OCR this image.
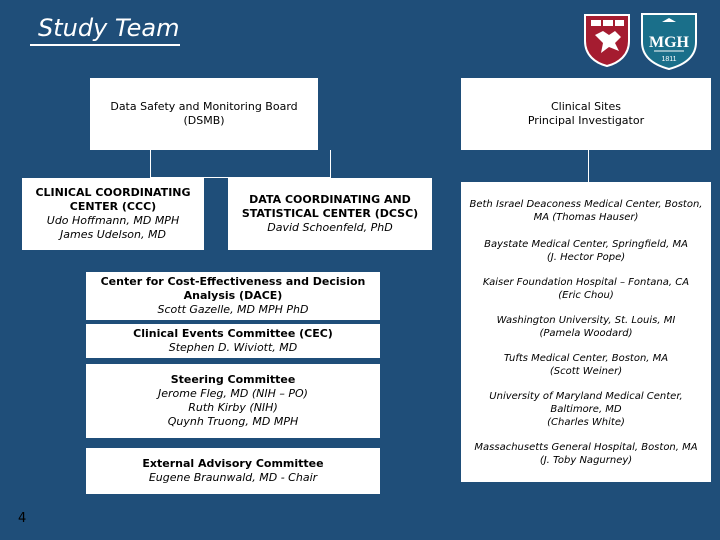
Study Team
MGH
1811
Data Safety and Monitoring Board
(DSMB)
CLINICAL COORDINATING
CENTER (CCC)
Udo Hoffmann, MD MPH
James Udelson, MD
DATA COORDINATING AND
STATISTICAL CENTER (DCSC)
David Schoenfeld, PhD
Center for Cost-Effectiveness and Decision
Analysis (DACE)
Scott Gazelle, MD MPH PhD
Clinical Events Committee (CEC)
Stephen D. Wiviott, MD
Steering Committee
Jerome Fleg, MD (NIH – PO)
Ruth Kirby (NIH)
Quynh Truong, MD MPH
External Advisory Committee
Eugene Braunwald, MD - Chair
4
Clinical Sites
Principal Investigator
Beth Israel Deaconess Medical Center, Boston,
MA (Thomas Hauser)
Baystate Medical Center, Springfield, MA
(J. Hector Pope)
Kaiser Foundation Hospital – Fontana, CA
(Eric Chou)
Washington University, St. Louis, MI
(Pamela Woodard)
Tufts Medical Center, Boston, MA
(Scott Weiner)
University of Maryland Medical Center,
Baltimore, MD
(Charles White)
Massachusetts General Hospital, Boston, MA
(J. Toby Nagurney)
